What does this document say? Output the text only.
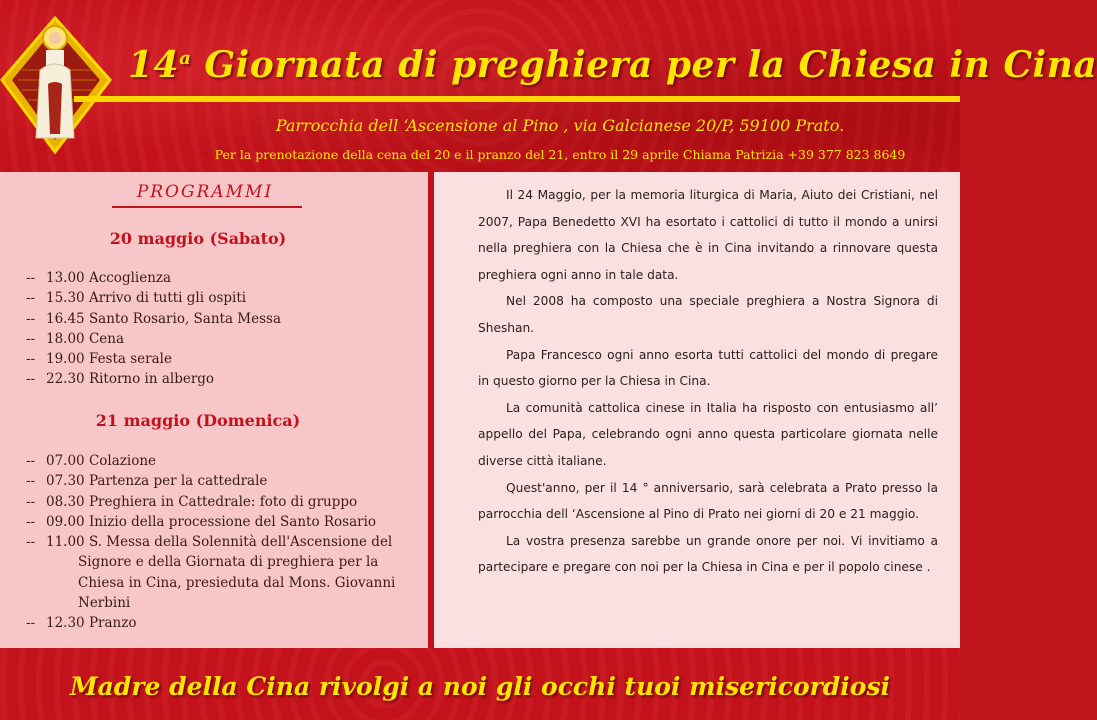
14$^a$ Giornata di preghiera per la Chiesa in Cina
Parrocchia dell ‘Ascensione al Pino , via Galcianese 20/P, 59100 Prato.
Per la prenotazione della cena del 20 e il pranzo del 21, entro il 29 aprile Chiama Patrizia +39 377 823 8649
PROGRAMMI
20 maggio (Sabato)
-- 13.00 Accoglienza
-- 15.30 Arrivo di tutti gli ospiti
-- 16.45 Santo Rosario, Santa Messa
-- 18.00 Cena
-- 19.00 Festa serale
-- 22.30 Ritorno in albergo
21 maggio (Domenica)
-- 07.00 Colazione
-- 07.30 Partenza per la cattedrale
-- 08.30 Preghiera in Cattedrale: foto di gruppo
-- 09.00 Inizio della processione del Santo Rosario
-- 11.00 S. Messa della Solennità dell'Ascensione del
Signore e della Giornata di preghiera per la Chiesa in Cina, presieduta dal Mons. Giovanni Nerbini
-- 12.30 Pranzo

Il 24 Maggio, per la memoria liturgica di Maria, Aiuto dei Cristiani, nel 2007, Papa Benedetto XVI ha esortato i cattolici di tutto il mondo a unirsi nella preghiera con la Chiesa che è in Cina invitando a rinnovare questa preghiera ogni anno in tale data.

Nel 2008 ha composto una speciale preghiera a Nostra Signora di Sheshan.

Papa Francesco ogni anno esorta tutti cattolici del mondo di pregare in questo giorno per la Chiesa in Cina.

La comunità cattolica cinese in Italia ha risposto con entusiasmo all’ appello del Papa, celebrando ogni anno questa particolare giornata nelle diverse città italiane.

Quest'anno, per il 14 ° anniversario, sarà celebrata a Prato presso la parrocchia dell ‘Ascensione al Pino di Prato nei giorni di 20 e 21 maggio.

La vostra presenza sarebbe un grande onore per noi. Vi invitiamo a partecipare e pregare con noi per la Chiesa in Cina e per il popolo cinese .

Madre della Cina rivolgi a noi gli occhi tuoi misericordiosi
